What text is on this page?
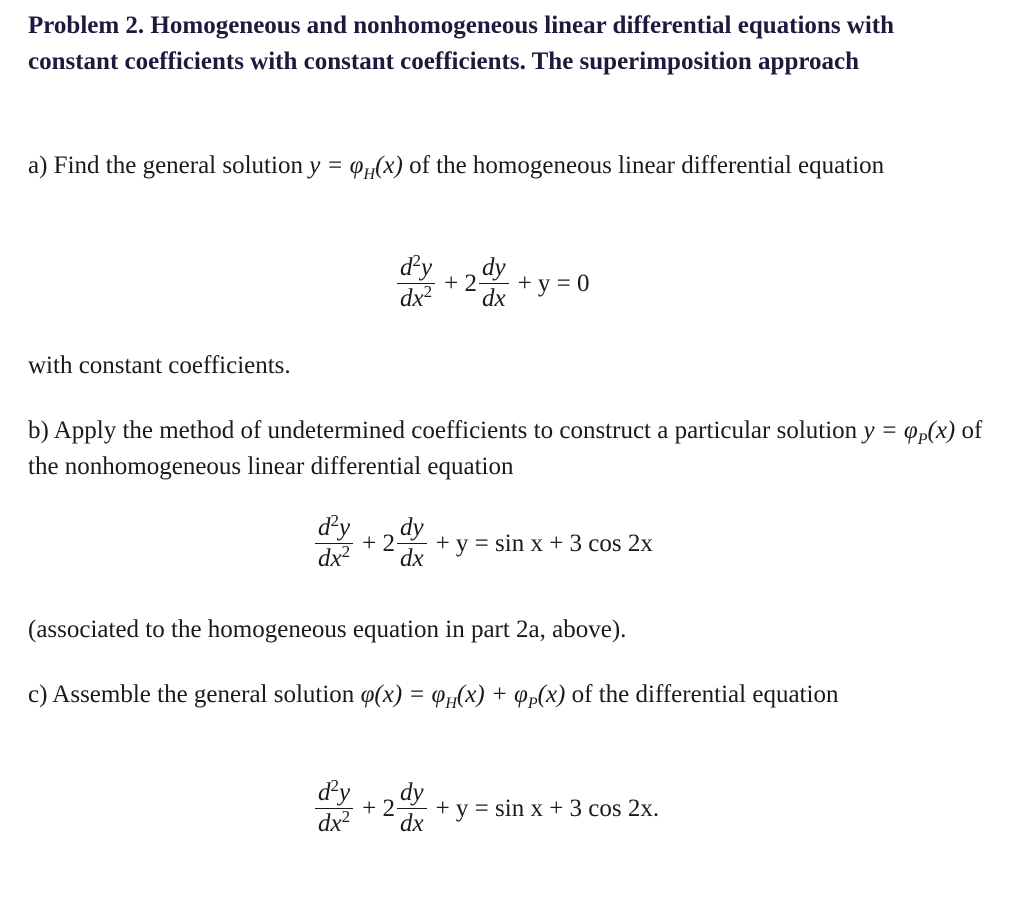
Problem 2. Homogeneous and nonhomogeneous linear differential equations with constant coefficients with constant coefficients. The superimposition approach
a) Find the general solution $y = \varphi_H(x)$ of the homogeneous linear differential equation
$\frac{d^2y}{dx^2} + 2 \frac{dy}{dx} + y = 0$
with constant coefficients.
b) Apply the method of undetermined coefficients to construct a particular solution $y = \varphi_P(x)$ of the nonhomogeneous linear differential equation
$\frac{d^2y}{dx^2} + 2 \frac{dy}{dx} + y = \sin x + 3$ cos 2x
(associated to the homogeneous equation in part 2a, above).
c) Assemble the general solution $\varphi(x) = \varphi_H(x) + \varphi_P(x)$ of the differential equation
$\frac{d^2y}{dx^2} + 2 \frac{dy}{dx} + y = \sin x + 3$ cos 2x.
